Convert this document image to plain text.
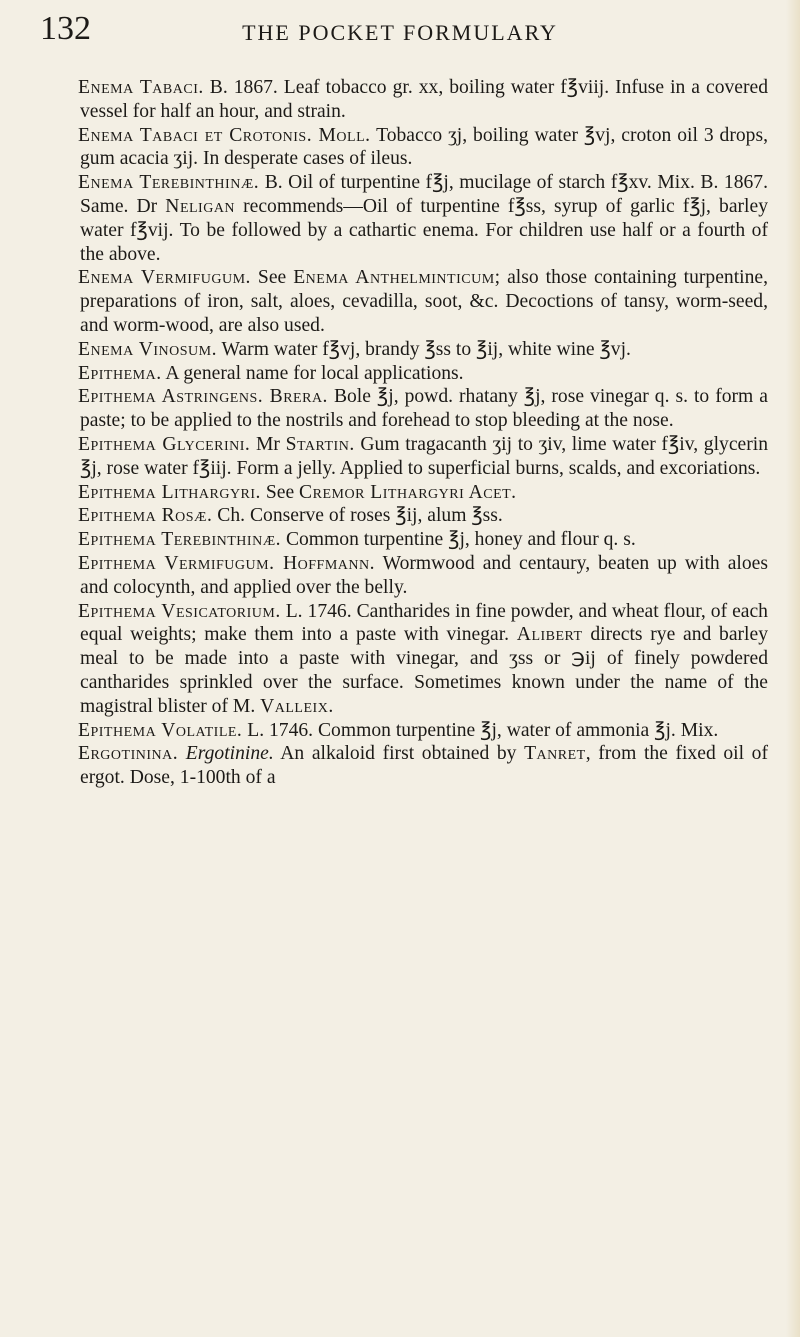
132	THE POCKET FORMULARY

Enema Tabaci. B. 1867. Leaf tobacco gr. xx, boiling water f℥viij. Infuse in a covered vessel for half an hour, and strain.

Enema Tabaci et Crotonis. Moll. Tobacco ʒj, boiling water ℥vj, croton oil 3 drops, gum acacia ʒij. In desperate cases of ileus.

Enema Terebinthinæ. B. Oil of turpentine f℥j, mucilage of starch f℥xv. Mix. B. 1867. Same. Dr Neligan recommends—Oil of turpentine f℥ss, syrup of garlic f℥j, barley water f℥vij. To be followed by a cathartic enema. For children use half or a fourth of the above.

Enema Vermifugum. See Enema Anthelminticum; also those containing turpentine, preparations of iron, salt, aloes, cevadilla, soot, &c. Decoctions of tansy, worm-seed, and worm-wood, are also used.

Enema Vinosum. Warm water f℥vj, brandy ℥ss to ℥ij, white wine ℥vj.

Epithema. A general name for local applications.

Epithema Astringens. Brera. Bole ℥j, powd. rhatany ℥j, rose vinegar q. s. to form a paste; to be applied to the nostrils and forehead to stop bleeding at the nose.

Epithema Glycerini. Mr Startin. Gum tragacanth ʒij to ʒiv, lime water f℥iv, glycerin ℥j, rose water f℥iij. Form a jelly. Applied to superficial burns, scalds, and excoriations.

Epithema Lithargyri. See Cremor Lithargyri Acet.

Epithema Rosæ. Ch. Conserve of roses ℥ij, alum ℥ss.

Epithema Terebinthinæ. Common turpentine ℥j, honey and flour q. s.

Epithema Vermifugum. Hoffmann. Wormwood and centaury, beaten up with aloes and colocynth, and applied over the belly.

Epithema Vesicatorium. L. 1746. Cantharides in fine powder, and wheat flour, of each equal weights; make them into a paste with vinegar. Alibert directs rye and barley meal to be made into a paste with vinegar, and ʒss or ℈ij of finely powdered cantharides sprinkled over the surface. Sometimes known under the name of the magistral blister of M. Valleix.

Epithema Volatile. L. 1746. Common turpentine ℥j, water of ammonia ℥j. Mix.

Ergotinina. Ergotinine. An alkaloid first obtained by Tanret, from the fixed oil of ergot. Dose, 1-100th of a
